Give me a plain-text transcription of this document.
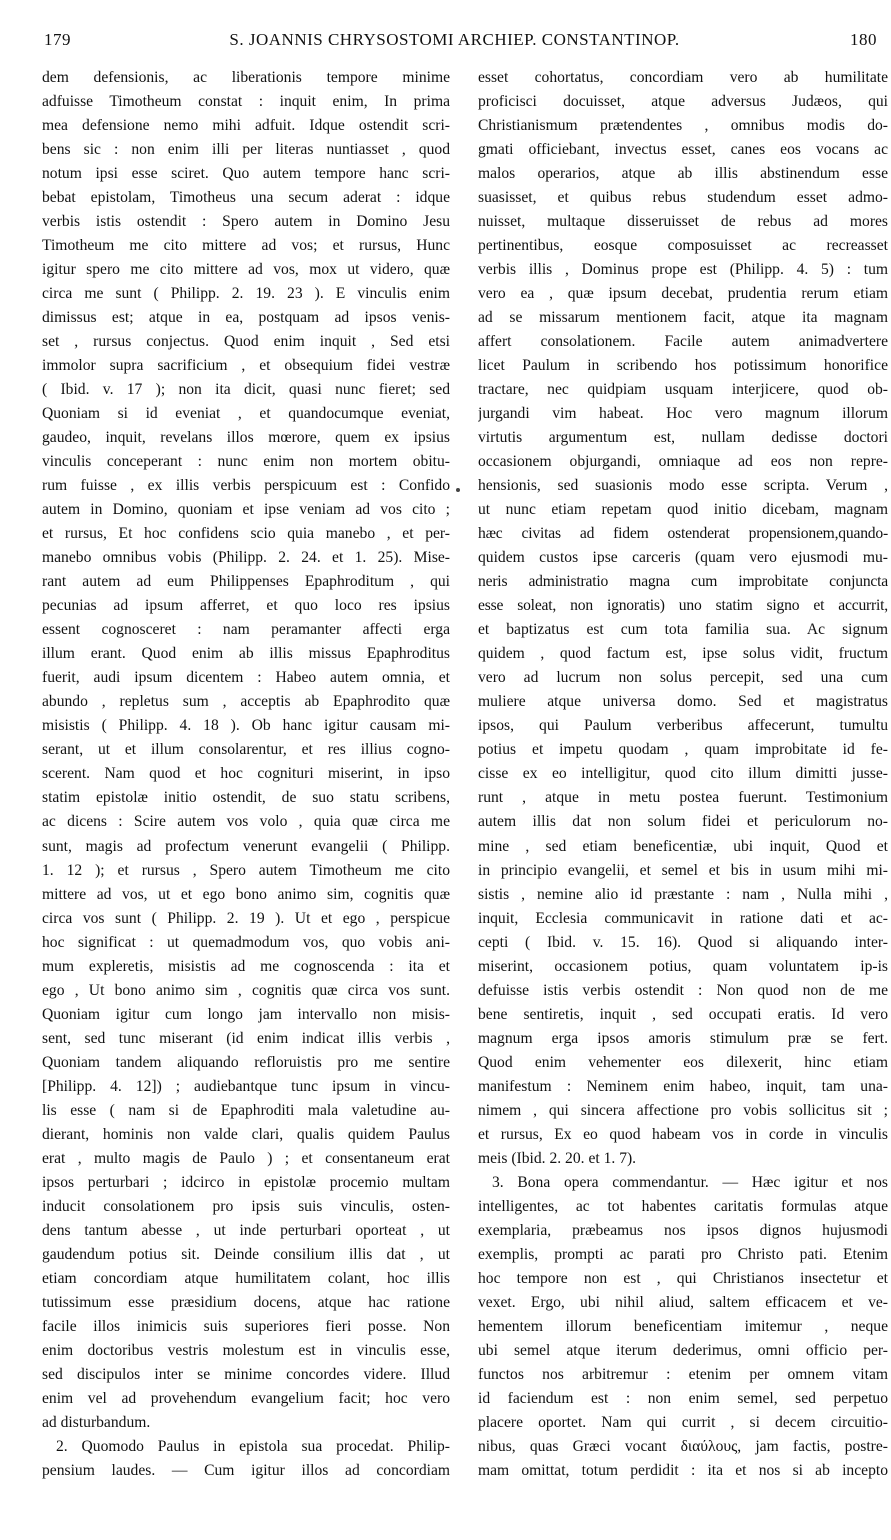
179	S. JOANNIS CHRYSOSTOMI ARCHIEP. CONSTANTINOP.	180
dem defensionis, ac liberationis tempore minime
adfuisse Timotheum constat : inquit enim, In prima
mea defensione nemo mihi adfuit. Idque ostendit scri-
bens sic : non enim illi per literas nuntiasset , quod
notum ipsi esse sciret. Quo autem tempore hanc scri-
bebat epistolam, Timotheus una secum aderat : idque
verbis istis ostendit : Spero autem in Domino Jesu
Timotheum me cito mittere ad vos; et rursus, Hunc
igitur spero me cito mittere ad vos, mox ut videro, quæ
circa me sunt ( Philipp. 2. 19. 23 ). E vinculis enim
dimissus est; atque in ea, postquam ad ipsos venis-
set , rursus conjectus. Quod enim inquit , Sed etsi
immolor supra sacrificium , et obsequium fidei vestræ
( Ibid. v. 17 ); non ita dicit, quasi nunc fieret; sed
Quoniam si id eveniat , et quandocumque eveniat,
gaudeo, inquit, revelans illos mœrore, quem ex ipsius
vinculis conceperant : nunc enim non mortem obitu-
rum fuisse , ex illis verbis perspicuum est : Confido
autem in Domino, quoniam et ipse veniam ad vos cito ;
et rursus, Et hoc confidens scio quia manebo , et per-
manebo omnibus vobis (Philipp. 2. 24. et 1. 25). Mise-
rant autem ad eum Philippenses Epaphroditum , qui
pecunias ad ipsum afferret, et quo loco res ipsius
essent cognosceret : nam peramanter affecti erga
illum erant. Quod enim ab illis missus Epaphroditus
fuerit, audi ipsum dicentem : Habeo autem omnia, et
abundo , repletus sum , acceptis ab Epaphrodito quæ
misistis ( Philipp. 4. 18 ). Ob hanc igitur causam mi-
serant, ut et illum consolarentur, et res illius cogno-
scerent. Nam quod et hoc cognituri miserint, in ipso
statim epistolæ initio ostendit, de suo statu scribens,
ac dicens : Scire autem vos volo , quia quæ circa me
sunt, magis ad profectum venerunt evangelii ( Philipp.
1. 12 ); et rursus , Spero autem Timotheum me cito
mittere ad vos, ut et ego bono animo sim, cognitis quæ
circa vos sunt ( Philipp. 2. 19 ). Ut et ego , perspicue
hoc significat : ut quemadmodum vos, quo vobis ani-
mum expleretis, misistis ad me cognoscenda : ita et
ego , Ut bono animo sim , cognitis quæ circa vos sunt.
Quoniam igitur cum longo jam intervallo non misis-
sent, sed tunc miserant (id enim indicat illis verbis ,
Quoniam tandem aliquando refloruistis pro me sentire
[Philipp. 4. 12]) ; audiebantque tunc ipsum in vincu-
lis esse ( nam si de Epaphroditi mala valetudine au-
dierant, hominis non valde clari, qualis quidem Paulus
erat , multo magis de Paulo ) ; et consentaneum erat
ipsos perturbari ; idcirco in epistolæ procemio multam
inducit consolationem pro ipsis suis vinculis, osten-
dens tantum abesse , ut inde perturbari oporteat , ut
gaudendum potius sit. Deinde consilium illis dat , ut
etiam concordiam atque humilitatem colant, hoc illis
tutissimum esse præsidium docens, atque hac ratione
facile illos inimicis suis superiores fieri posse. Non
enim doctoribus vestris molestum est in vinculis esse,
sed discipulos inter se minime concordes videre. Illud
enim vel ad provehendum evangelium facit; hoc vero
ad disturbandum.
2. Quomodo Paulus in epistola sua procedat. Philip-
pensium laudes. — Cum igitur illos ad concordiam
esset cohortatus, concordiam vero ab humilitate
proficisci docuisset, atque adversus Judæos, qui
Christianismum prætendentes , omnibus modis do-
gmati officiebant, invectus esset, canes eos vocans ac
malos operarios, atque ab illis abstinendum esse
suasisset, et quibus rebus studendum esset admo-
nuisset, multaque disseruisset de rebus ad mores
pertinentibus, eosque composuisset ac recreasset
verbis illis , Dominus prope est (Philipp. 4. 5) : tum
vero ea , quæ ipsum decebat, prudentia rerum etiam
ad se missarum mentionem facit, atque ita magnam
affert consolationem. Facile autem animadvertere
licet Paulum in scribendo hos potissimum honorifice
tractare, nec quidpiam usquam interjicere, quod ob-
jurgandi vim habeat. Hoc vero magnum illorum
virtutis argumentum est, nullam dedisse doctori
occasionem objurgandi, omniaque ad eos non repre-
hensionis, sed suasionis modo esse scripta. Verum ,
ut nunc etiam repetam quod initio dicebam, magnam
hæc civitas ad fidem ostenderat propensionem,quando-
quidem custos ipse carceris (quam vero ejusmodi mu-
neris administratio magna cum improbitate conjuncta
esse soleat, non ignoratis) uno statim signo et accurrit,
et baptizatus est cum tota familia sua. Ac signum
quidem , quod factum est, ipse solus vidit, fructum
vero ad lucrum non solus percepit, sed una cum
muliere atque universa domo. Sed et magistratus
ipsos, qui Paulum verberibus affecerunt, tumultu
potius et impetu quodam , quam improbitate id fe-
cisse ex eo intelligitur, quod cito illum dimitti jusse-
runt , atque in metu postea fuerunt. Testimonium
autem illis dat non solum fidei et periculorum no-
mine , sed etiam beneficentiæ, ubi inquit, Quod et
in principio evangelii, et semel et bis in usum mihi mi-
sistis , nemine alio id præstante : nam , Nulla mihi ,
inquit, Ecclesia communicavit in ratione dati et ac-
cepti ( Ibid. v. 15. 16). Quod si aliquando inter-
miserint, occasionem potius, quam voluntatem ip-is
defuisse istis verbis ostendit : Non quod non de me
bene sentiretis, inquit , sed occupati eratis. Id vero
magnum erga ipsos amoris stimulum præ se fert.
Quod enim vehementer eos dilexerit, hinc etiam
manifestum : Neminem enim habeo, inquit, tam una-
nimem , qui sincera affectione pro vobis sollicitus sit ;
et rursus, Ex eo quod habeam vos in corde in vinculis
meis (Ibid. 2. 20. et 1. 7).
3. Bona opera commendantur. — Hæc igitur et nos
intelligentes, ac tot habentes caritatis formulas atque
exemplaria, præbeamus nos ipsos dignos hujusmodi
exemplis, prompti ac parati pro Christo pati. Etenim
hoc tempore non est , qui Christianos insectetur et
vexet. Ergo, ubi nihil aliud, saltem efficacem et ve-
hementem illorum beneficentiam imitemur , neque
ubi semel atque iterum dederimus, omni officio per-
functos nos arbitremur : etenim per omnem vitam
id faciendum est : non enim semel, sed perpetuo
placere oportet. Nam qui currit , si decem circuitio-
nibus, quas Græci vocant διαύλους, jam factis, postre-
mam omittat, totum perdidit : ita et nos si ab incepto
